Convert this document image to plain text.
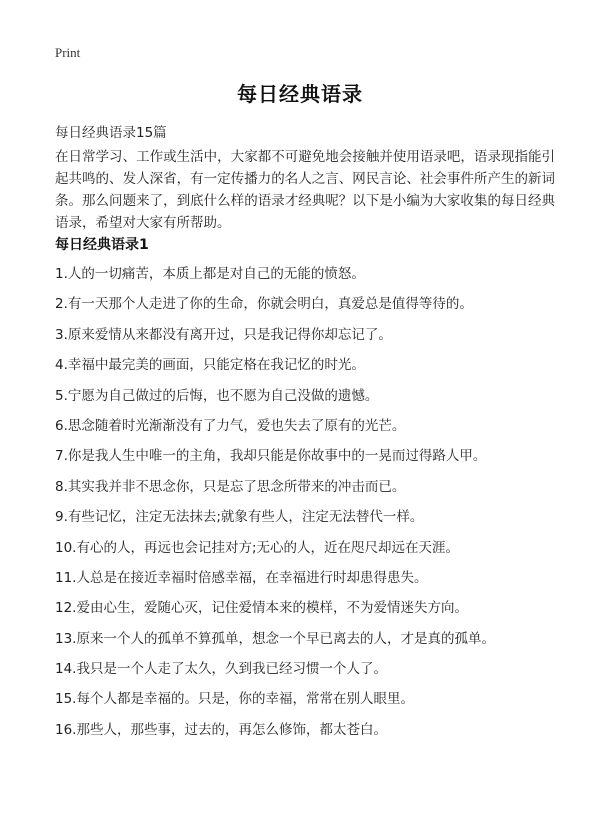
Print
每日经典语录
每日经典语录15篇
在日常学习、工作或生活中，大家都不可避免地会接触并使用语录吧，语录现指能引起共鸣的、发人深省，有一定传播力的名人之言、网民言论、社会事件所产生的新词条。那么问题来了，到底什么样的语录才经典呢？以下是小编为大家收集的每日经典语录，希望对大家有所帮助。
每日经典语录1
1.人的一切痛苦，本质上都是对自己的无能的愤怒。
2.有一天那个人走进了你的生命，你就会明白，真爱总是值得等待的。
3.原来爱情从来都没有离开过，只是我记得你却忘记了。
4.幸福中最完美的画面，只能定格在我记忆的时光。
5.宁愿为自己做过的后悔，也不愿为自己没做的遗憾。
6.思念随着时光渐渐没有了力气，爱也失去了原有的光芒。
7.你是我人生中唯一的主角，我却只能是你故事中的一晃而过得路人甲。
8.其实我并非不思念你，只是忘了思念所带来的冲击而已。
9.有些记忆，注定无法抹去;就象有些人，注定无法替代一样。
10.有心的人，再远也会记挂对方;无心的人，近在咫尺却远在天涯。
11.人总是在接近幸福时倍感幸福，在幸福进行时却患得患失。
12.爱由心生，爱随心灭，记住爱情本来的模样，不为爱情迷失方向。
13.原来一个人的孤单不算孤单，想念一个早已离去的人，才是真的孤单。
14.我只是一个人走了太久，久到我已经习惯一个人了。
15.每个人都是幸福的。只是，你的幸福，常常在别人眼里。
16.那些人，那些事，过去的，再怎么修饰，都太苍白。
